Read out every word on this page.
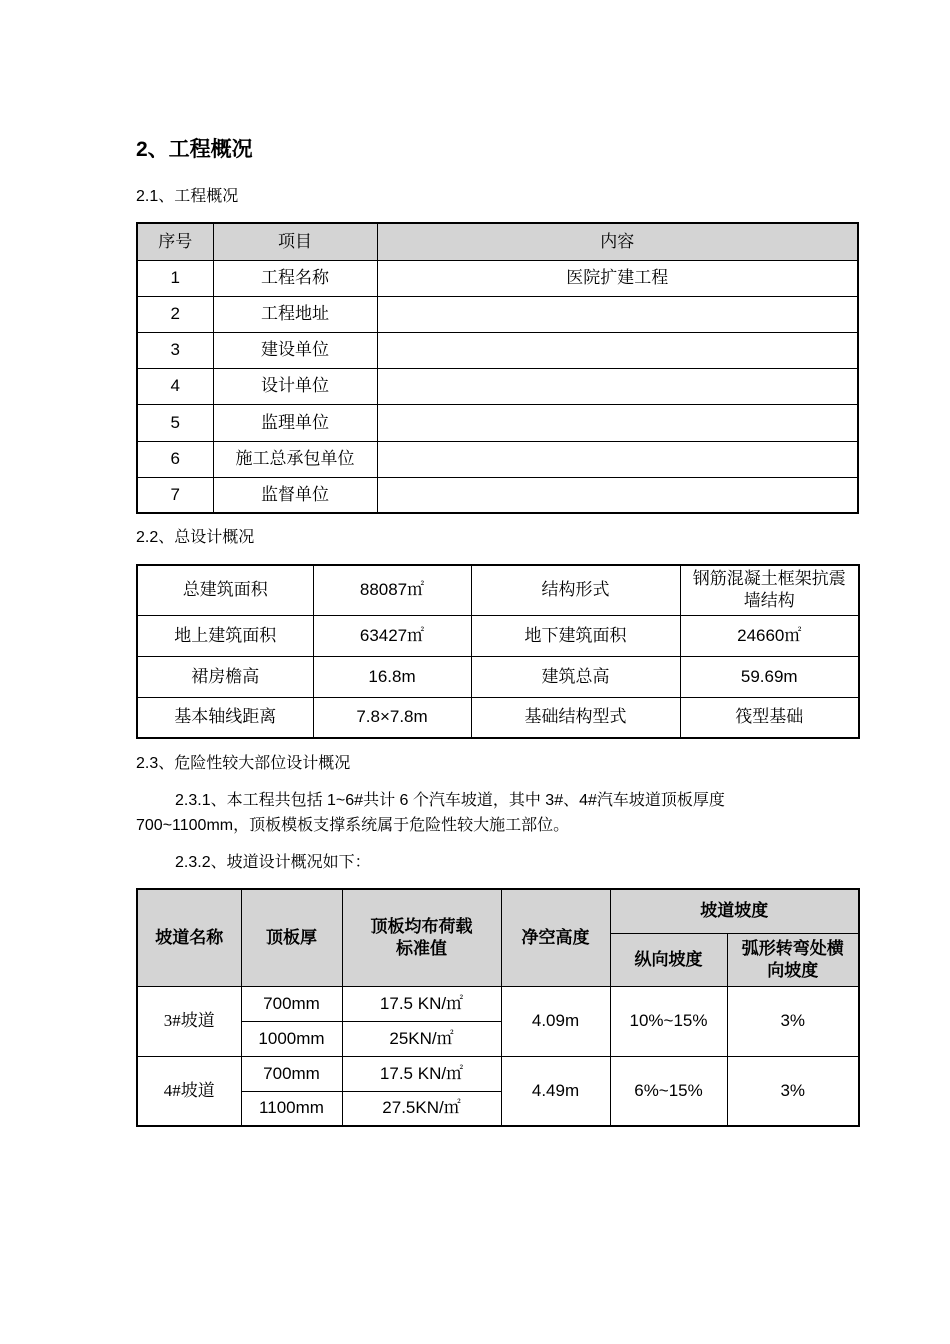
2、工程概况
2.1、工程概况
序号	项目	内容
1	工程名称	医院扩建工程
2	工程地址	
3	建设单位	
4	设计单位	
5	监理单位	
6	施工总承包单位	
7	监督单位	
2.2、总设计概况
总建筑面积	88087㎡	结构形式	钢筋混凝土框架抗震墙结构
地上建筑面积	63427㎡	地下建筑面积	24660㎡
裙房檐高	16.8m	建筑总高	59.69m
基本轴线距离	7.8×7.8m	基础结构型式	筏型基础
2.3、危险性较大部位设计概况
2.3.1、本工程共包括 1~6#共计 6 个汽车坡道，其中 3#、4#汽车坡道顶板厚度
700~1100mm，顶板模板支撑系统属于危险性较大施工部位。
2.3.2、坡道设计概况如下：
坡道名称	顶板厚	顶板均布荷载标准值	净空高度	坡道坡度	
				纵向坡度	弧形转弯处横向坡度
3#坡道	700mm	17.5 KN/㎡	4.09m	10%~15%	3%
	1000mm	25KN/㎡			
4#坡道	700mm	17.5 KN/㎡	4.49m	6%~15%	3%
	1100mm	27.5KN/㎡			
